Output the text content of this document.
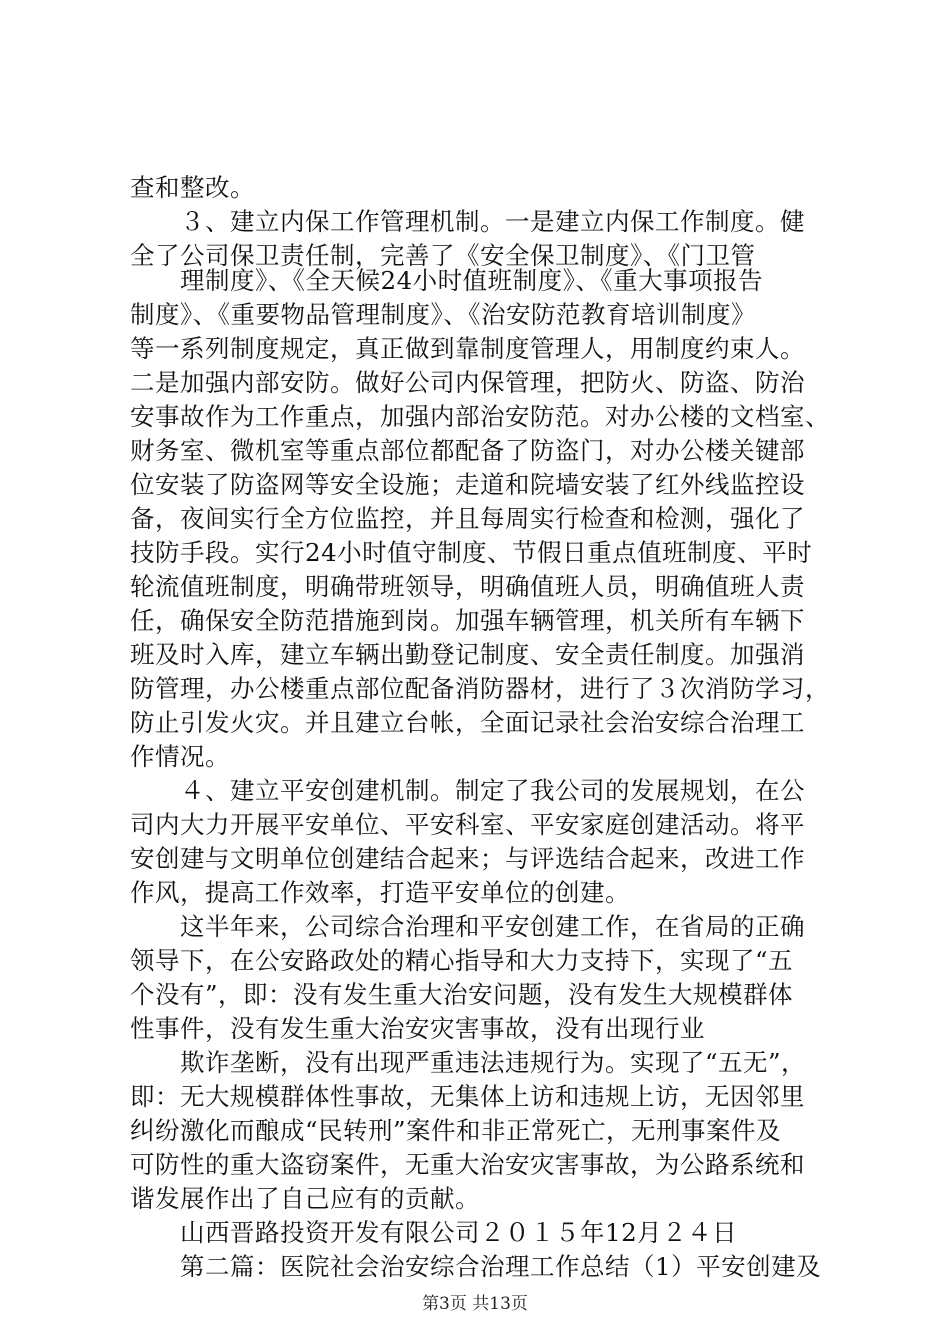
查和整改。
３、建立内保工作管理机制。一是建立内保工作制度。健
全了公司保卫责任制，完善了《安全保卫制度》、《门卫管
理制度》、《全天候24小时值班制度》、《重大事项报告
制度》、《重要物品管理制度》、《治安防范教育培训制度》
等一系列制度规定，真正做到靠制度管理人，用制度约束人。
二是加强内部安防。做好公司内保管理，把防火、防盗、防治
安事故作为工作重点，加强内部治安防范。对办公楼的文档室、
财务室、微机室等重点部位都配备了防盗门，对办公楼关键部
位安装了防盗网等安全设施；走道和院墙安装了红外线监控设
备，夜间实行全方位监控，并且每周实行检查和检测，强化了
技防手段。实行24小时值守制度、节假日重点值班制度、平时
轮流值班制度，明确带班领导，明确值班人员，明确值班人责
任，确保安全防范措施到岗。加强车辆管理，机关所有车辆下
班及时入库，建立车辆出勤登记制度、安全责任制度。加强消
防管理，办公楼重点部位配备消防器材，进行了３次消防学习，
防止引发火灾。并且建立台帐，全面记录社会治安综合治理工
作情况。
４、建立平安创建机制。制定了我公司的发展规划，在公
司内大力开展平安单位、平安科室、平安家庭创建活动。将平
安创建与文明单位创建结合起来；与评选结合起来，改进工作
作风，提高工作效率，打造平安单位的创建。
这半年来，公司综合治理和平安创建工作，在省局的正确
领导下，在公安路政处的精心指导和大力支持下，实现了“五
个没有”，即：没有发生重大治安问题，没有发生大规模群体
性事件，没有发生重大治安灾害事故，没有出现行业
欺诈垄断，没有出现严重违法违规行为。实现了“五无”，
即：无大规模群体性事故，无集体上访和违规上访，无因邻里
纠纷激化而酿成“民转刑”案件和非正常死亡，无刑事案件及
可防性的重大盗窃案件，无重大治安灾害事故，为公路系统和
谐发展作出了自己应有的贡献。
山西晋路投资开发有限公司２０１５年12月２４日
第二篇：医院社会治安综合治理工作总结（1）平安创建及
第3页 共13页
